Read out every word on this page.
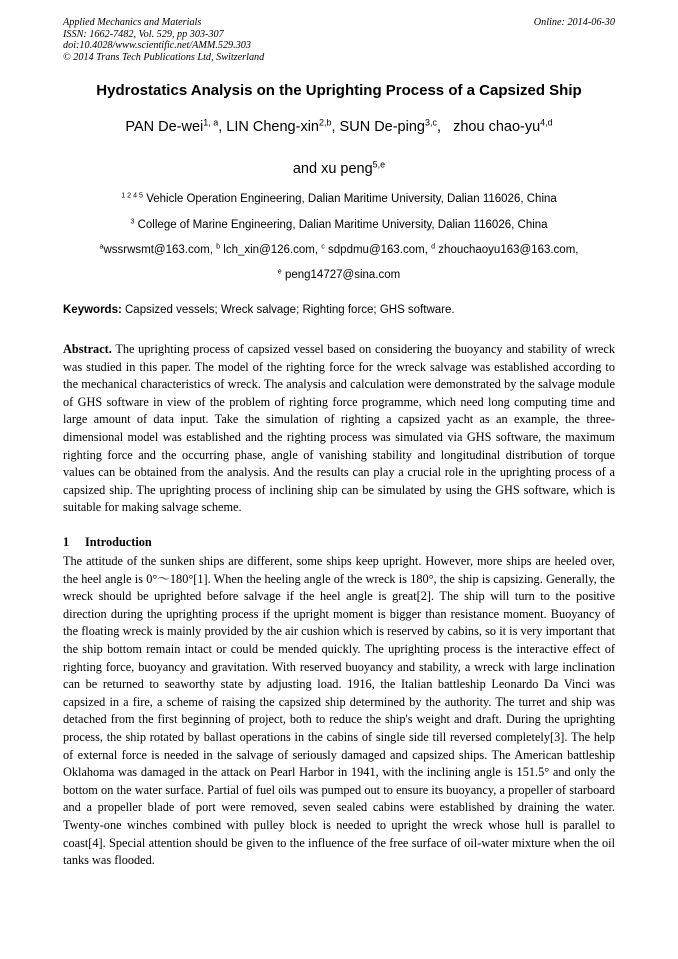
Applied Mechanics and Materials
ISSN: 1662-7482, Vol. 529, pp 303-307
doi:10.4028/www.scientific.net/AMM.529.303
© 2014 Trans Tech Publications Ltd, Switzerland
Online: 2014-06-30
Hydrostatics Analysis on the Uprighting Process of a Capsized Ship
PAN De-wei$^{1, a}$, LIN Cheng-xin$^{2,b}$, SUN De-ping$^{3,c}$,   zhou chao-yu$^{4,d}$
and xu peng$^{5,e}$
$^{1 2 4 5}$ Vehicle Operation Engineering, Dalian Maritime University, Dalian 116026, China
$^3$ College of Marine Engineering, Dalian Maritime University, Dalian 116026, China
$^a$wssrwsmt@163.com, $^b$ lch_xin@126.com, $^c$ sdpdmu@163.com, $^d$ zhouchaoyu163@163.com,
$^e$ peng14727@sina.com
Keywords: Capsized vessels; Wreck salvage; Righting force; GHS software.
Abstract. The uprighting process of capsized vessel based on considering the buoyancy and stability of wreck was studied in this paper. The model of the righting force for the wreck salvage was established according to the mechanical characteristics of wreck. The analysis and calculation were demonstrated by the salvage module of GHS software in view of the problem of righting force programme, which need long computing time and large amount of data input. Take the simulation of righting a capsized yacht as an example, the three-dimensional model was established and the righting process was simulated via GHS software, the maximum righting force and the occurring phase, angle of vanishing stability and longitudinal distribution of torque values can be obtained from the analysis. And the results can play a crucial role in the uprighting process of a capsized ship. The uprighting process of inclining ship can be simulated by using the GHS software, which is suitable for making salvage scheme.
1 Introduction
The attitude of the sunken ships are different, some ships keep upright. However, more ships are heeled over, the heel angle is 0°～180°[1]. When the heeling angle of the wreck is 180°, the ship is capsizing. Generally, the wreck should be uprighted before salvage if the heel angle is great[2]. The ship will turn to the positive direction during the uprighting process if the upright moment is bigger than resistance moment. Buoyancy of the floating wreck is mainly provided by the air cushion which is reserved by cabins, so it is very important that the ship bottom remain intact or could be mended quickly. The uprighting process is the interactive effect of righting force, buoyancy and gravitation. With reserved buoyancy and stability, a wreck with large inclination can be returned to seaworthy state by adjusting load. 1916, the Italian battleship Leonardo Da Vinci was capsized in a fire, a scheme of raising the capsized ship determined by the authority. The turret and ship was detached from the first beginning of project, both to reduce the ship's weight and draft. During the uprighting process, the ship rotated by ballast operations in the cabins of single side till reversed completely[3]. The help of external force is needed in the salvage of seriously damaged and capsized ships. The American battleship Oklahoma was damaged in the attack on Pearl Harbor in 1941, with the inclining angle is 151.5° and only the bottom on the water surface. Partial of fuel oils was pumped out to ensure its buoyancy, a propeller of starboard and a propeller blade of port were removed, seven sealed cabins were established by draining the water. Twenty-one winches combined with pulley block is needed to upright the wreck whose hull is parallel to coast[4]. Special attention should be given to the influence of the free surface of oil-water mixture when the oil tanks was flooded.
